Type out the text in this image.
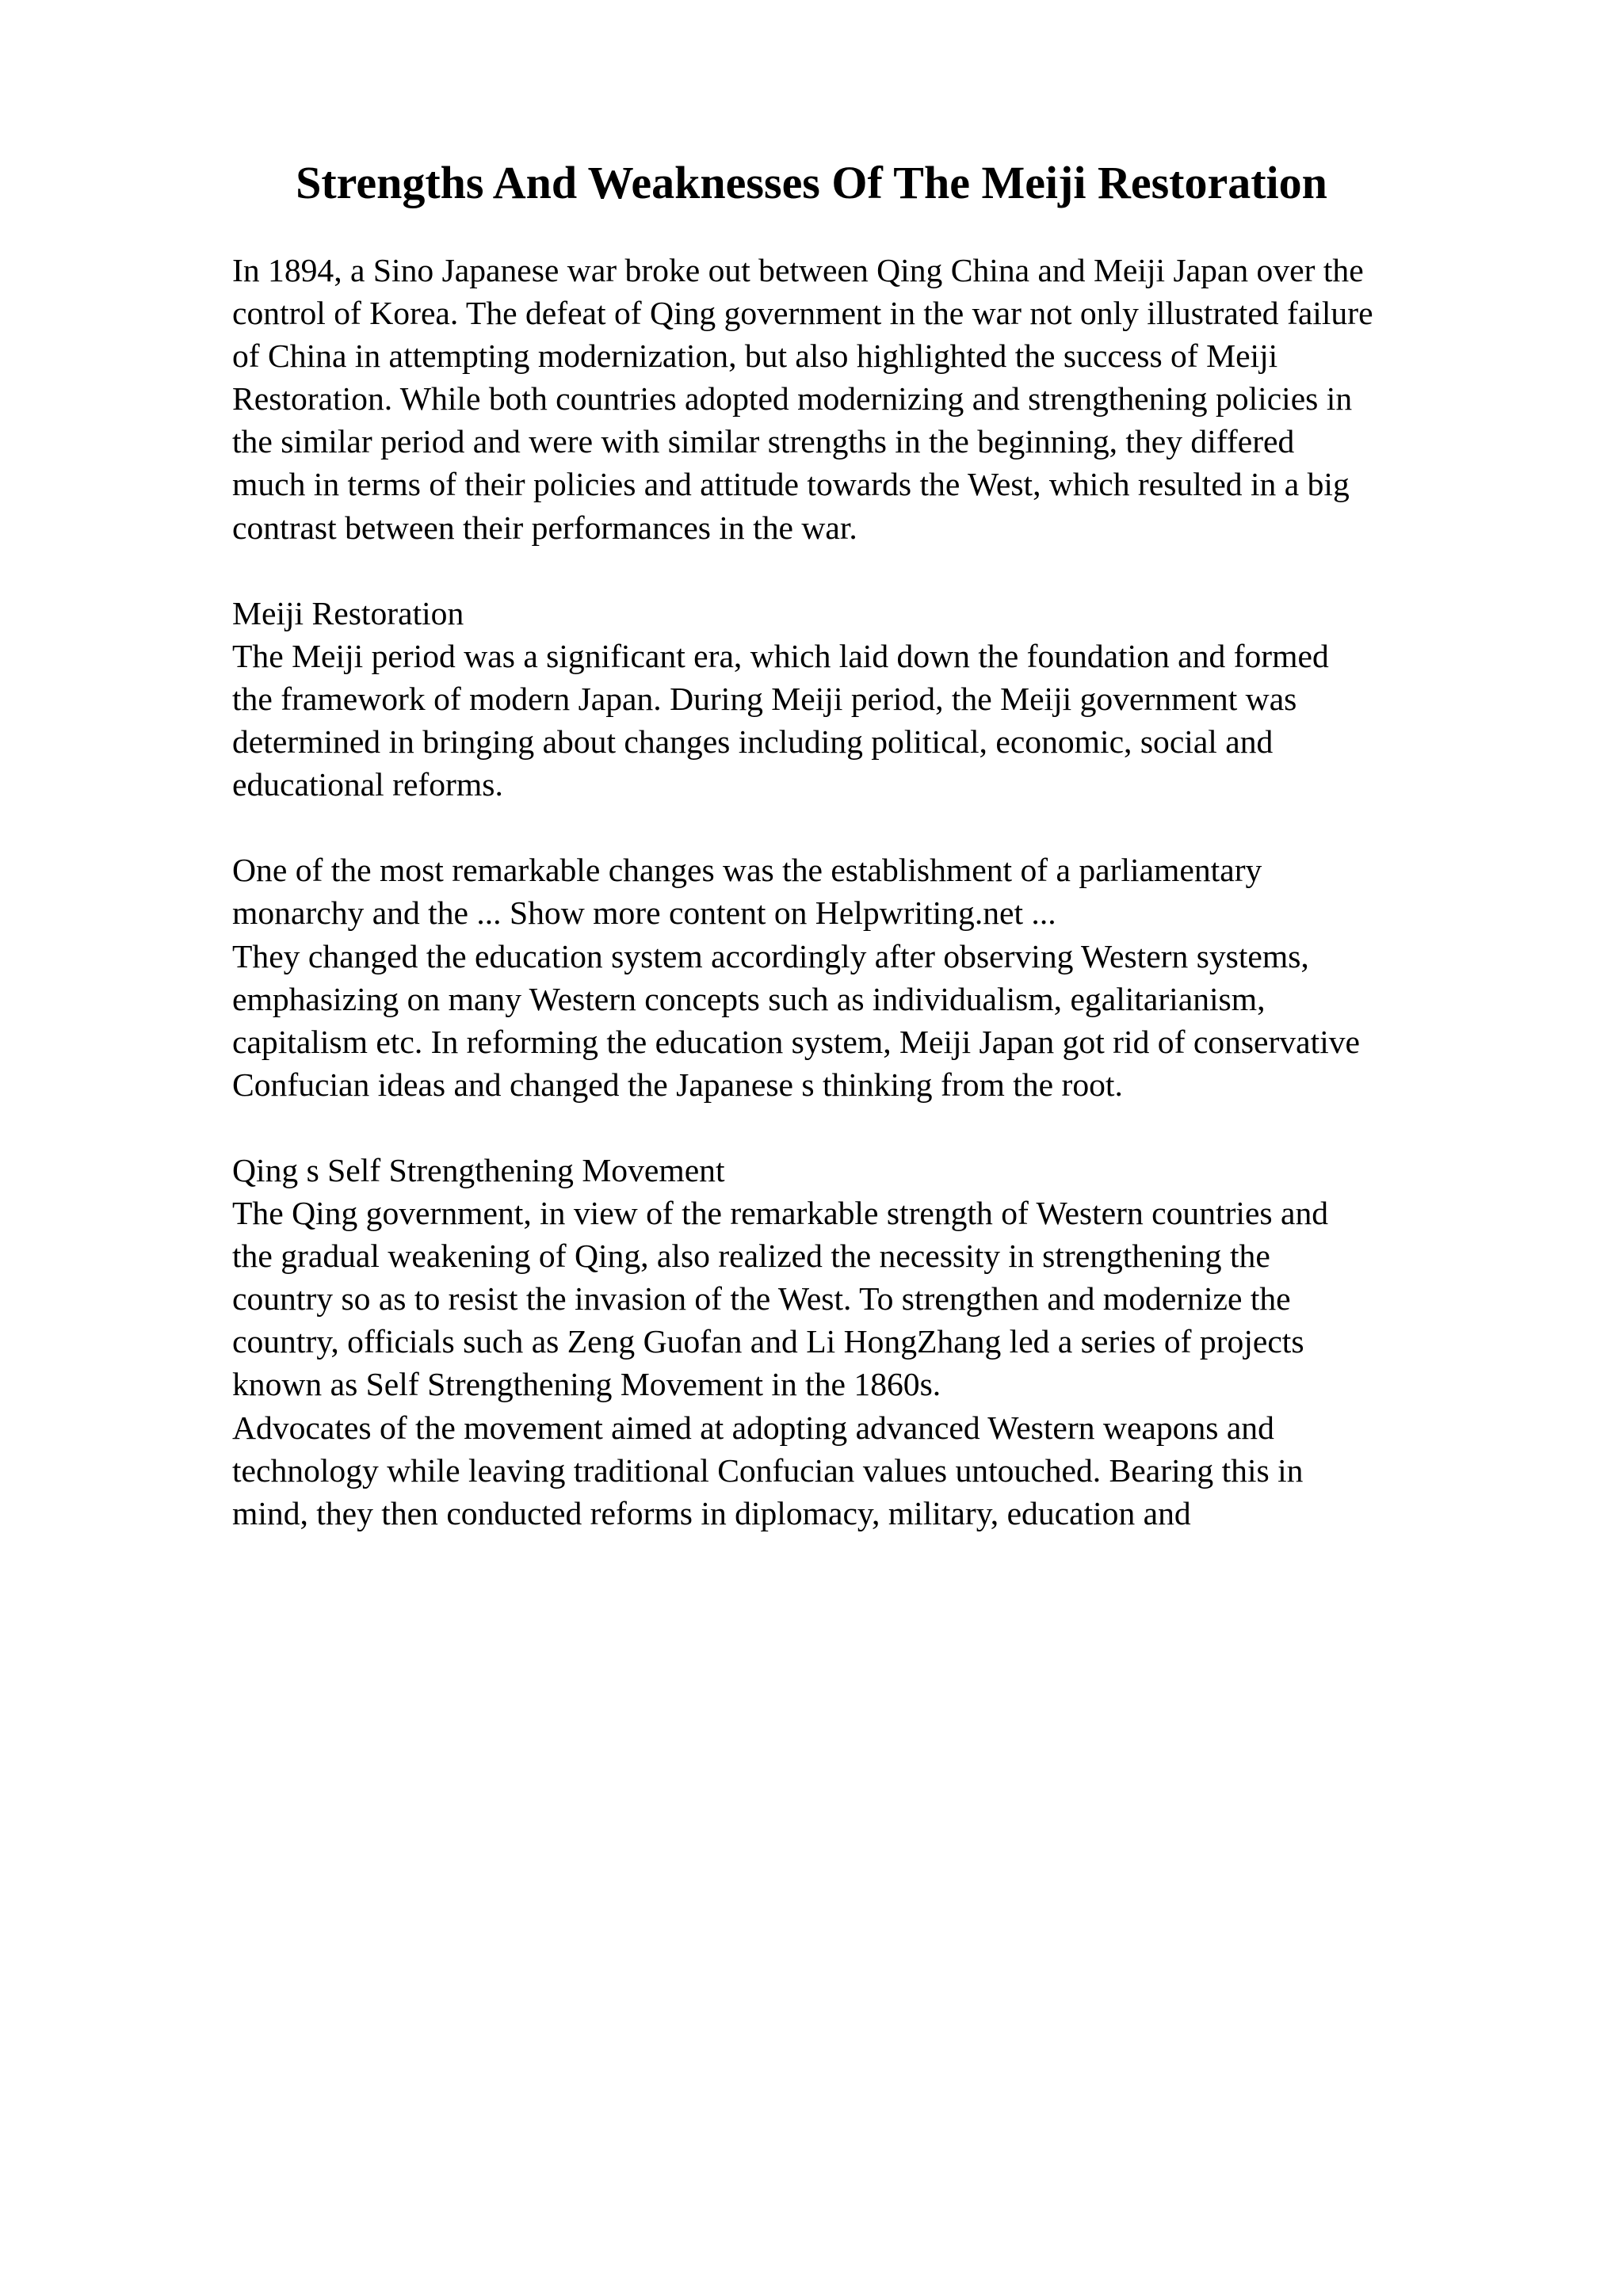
Strengths And Weaknesses Of The Meiji Restoration
In 1894, a Sino Japanese war broke out between Qing China and Meiji Japan over the
control of Korea. The defeat of Qing government in the war not only illustrated failure
of China in attempting modernization, but also highlighted the success of Meiji
Restoration. While both countries adopted modernizing and strengthening policies in
the similar period and were with similar strengths in the beginning, they differed
much in terms of their policies and attitude towards the West, which resulted in a big
contrast between their performances in the war.
Meiji Restoration
The Meiji period was a significant era, which laid down the foundation and formed
the framework of modern Japan. During Meiji period, the Meiji government was
determined in bringing about changes including political, economic, social and
educational reforms.
One of the most remarkable changes was the establishment of a parliamentary
monarchy and the ... Show more content on Helpwriting.net ...
They changed the education system accordingly after observing Western systems,
emphasizing on many Western concepts such as individualism, egalitarianism,
capitalism etc. In reforming the education system, Meiji Japan got rid of conservative
Confucian ideas and changed the Japanese s thinking from the root.
Qing s Self Strengthening Movement
The Qing government, in view of the remarkable strength of Western countries and
the gradual weakening of Qing, also realized the necessity in strengthening the
country so as to resist the invasion of the West. To strengthen and modernize the
country, officials such as Zeng Guofan and Li HongZhang led a series of projects
known as Self Strengthening Movement in the 1860s.
Advocates of the movement aimed at adopting advanced Western weapons and
technology while leaving traditional Confucian values untouched. Bearing this in
mind, they then conducted reforms in diplomacy, military, education and
